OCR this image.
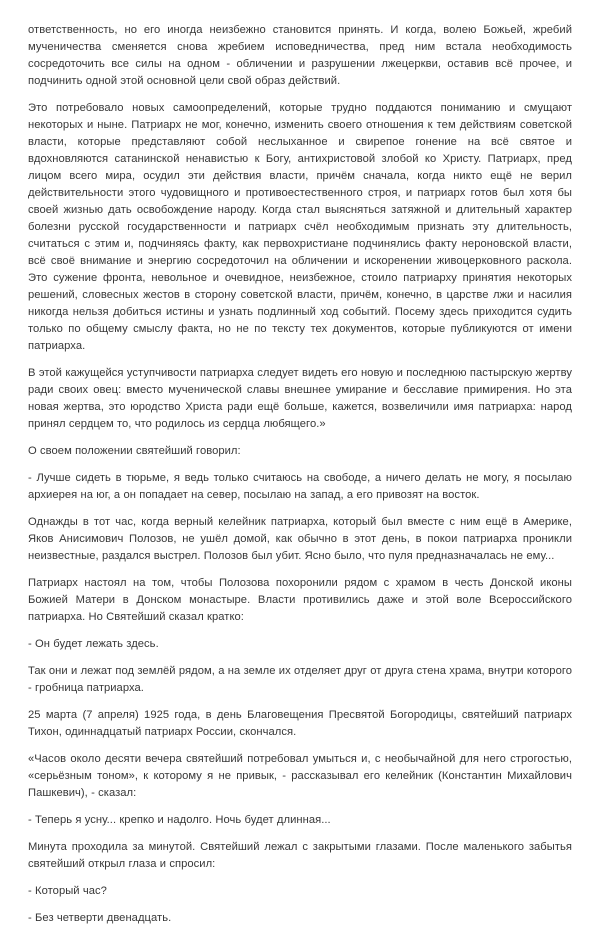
ответственность, но его иногда неизбежно становится принять. И когда, волею Божьей, жребий мученичества сменяется снова жребием исповедничества, пред ним встала необходимость сосредоточить все силы на одном - обличении и разрушении лжецеркви, оставив всё прочее, и подчинить одной этой основной цели свой образ действий.

Это потребовало новых самоопределений, которые трудно поддаются пониманию и смущают некоторых и ныне. Патриарх не мог, конечно, изменить своего отношения к тем действиям советской власти, которые представляют собой неслыханное и свирепое гонение на всё святое и вдохновляются сатанинской ненавистью к Богу, антихристовой злобой ко Христу. Патриарх, пред лицом всего мира, осудил эти действия власти, причём сначала, когда никто ещё не верил действительности этого чудовищного и противоестественного строя, и патриарх готов был хотя бы своей жизнью дать освобождение народу. Когда стал выясняться затяжной и длительный характер болезни русской государственности и патриарх счёл необходимым признать эту длительность, считаться с этим и, подчиняясь факту, как первохристиане подчинялись факту нероновской власти, всё своё внимание и энергию сосредоточил на обличении и искоренении живоцерковного раскола. Это сужение фронта, невольное и очевидное, неизбежное, стоило патриарху принятия некоторых решений, словесных жестов в сторону советской власти, причём, конечно, в царстве лжи и насилия никогда нельзя добиться истины и узнать подлинный ход событий. Посему здесь приходится судить только по общему смыслу факта, но не по тексту тех документов, которые публикуются от имени патриарха.

В этой кажущейся уступчивости патриарха следует видеть его новую и последнюю пастырскую жертву ради своих овец: вместо мученической славы внешнее умирание и бесславие примирения. Но эта новая жертва, это юродство Христа ради ещё больше, кажется, возвеличили имя патриарха: народ принял сердцем то, что родилось из сердца любящего.»

О своем положении святейший говорил:

- Лучше сидеть в тюрьме, я ведь только считаюсь на свободе, а ничего делать не могу, я посылаю архиерея на юг, а он попадает на север, посылаю на запад, а его привозят на восток.

Однажды в тот час, когда верный келейник патриарха, который был вместе с ним ещё в Америке, Яков Анисимович Полозов, не ушёл домой, как обычно в этот день, в покои патриарха проникли неизвестные, раздался выстрел. Полозов был убит. Ясно было, что пуля предназначалась не ему...

Патриарх настоял на том, чтобы Полозова похоронили рядом с храмом в честь Донской иконы Божией Матери в Донском монастыре. Власти противились даже и этой воле Всероссийского патриарха. Но Святейший сказал кратко:

- Он будет лежать здесь.

Так они и лежат под землёй рядом, а на земле их отделяет друг от друга стена храма, внутри которого - гробница патриарха.

25 марта (7 апреля) 1925 года, в день Благовещения Пресвятой Богородицы, святейший патриарх Тихон, одиннадцатый патриарх России, скончался.

«Часов около десяти вечера святейший потребовал умыться и, с необычайной для него строгостью, «серьёзным тоном», к которому я не привык, - рассказывал его келейник (Константин Михайлович Пашкевич), - сказал:

- Теперь я усну... крепко и надолго. Ночь будет длинная...

Минута проходила за минутой. Святейший лежал с закрытыми глазами. После маленького забытья святейший открыл глаза и спросил:

- Который час?

- Без четверти двенадцать.
